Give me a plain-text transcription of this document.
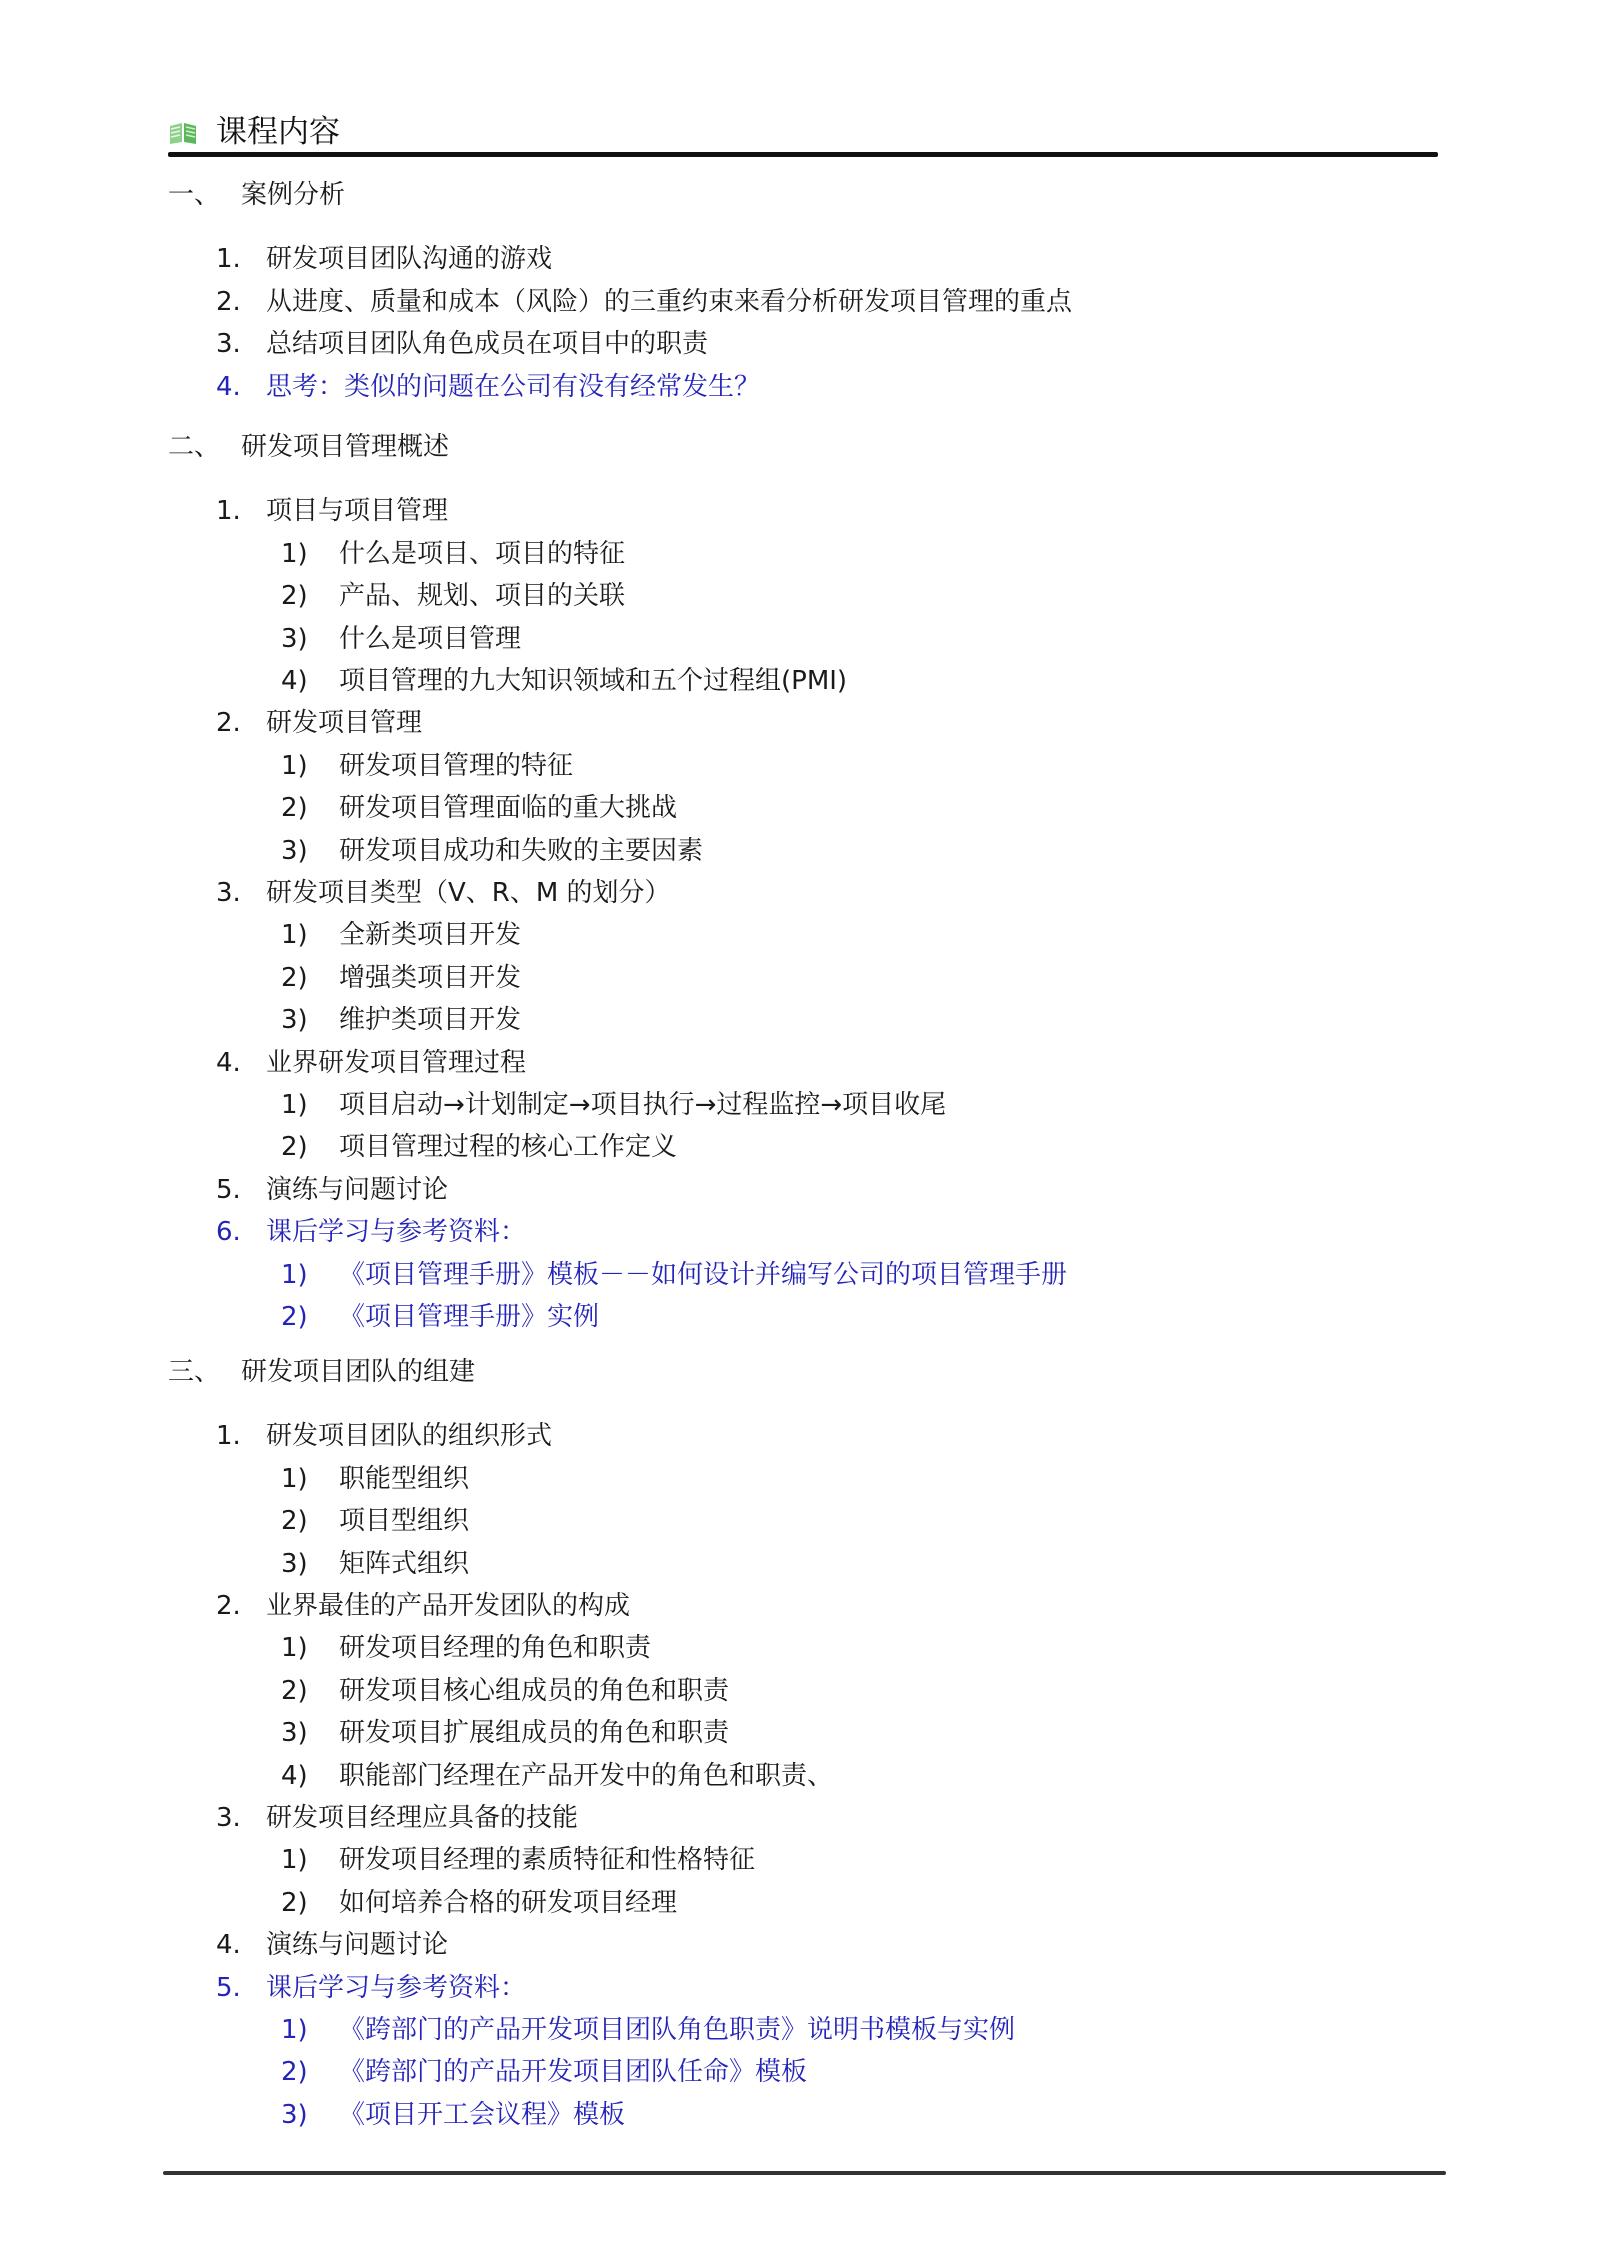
课程内容
一、 案例分析
1. 研发项目团队沟通的游戏
2. 从进度、质量和成本（风险）的三重约束来看分析研发项目管理的重点
3. 总结项目团队角色成员在项目中的职责
4. 思考：类似的问题在公司有没有经常发生？
二、 研发项目管理概述
1. 项目与项目管理
1) 什么是项目、项目的特征
2) 产品、规划、项目的关联
3) 什么是项目管理
4) 项目管理的九大知识领域和五个过程组(PMI)
2. 研发项目管理
1) 研发项目管理的特征
2) 研发项目管理面临的重大挑战
3) 研发项目成功和失败的主要因素
3. 研发项目类型（V、R、M 的划分）
1) 全新类项目开发
2) 增强类项目开发
3) 维护类项目开发
4. 业界研发项目管理过程
1) 项目启动→计划制定→项目执行→过程监控→项目收尾
2) 项目管理过程的核心工作定义
5. 演练与问题讨论
6. 课后学习与参考资料：
1) 《项目管理手册》模板－－如何设计并编写公司的项目管理手册
2) 《项目管理手册》实例
三、 研发项目团队的组建
1. 研发项目团队的组织形式
1) 职能型组织
2) 项目型组织
3) 矩阵式组织
2. 业界最佳的产品开发团队的构成
1) 研发项目经理的角色和职责
2) 研发项目核心组成员的角色和职责
3) 研发项目扩展组成员的角色和职责
4) 职能部门经理在产品开发中的角色和职责、
3. 研发项目经理应具备的技能
1) 研发项目经理的素质特征和性格特征
2) 如何培养合格的研发项目经理
4. 演练与问题讨论
5. 课后学习与参考资料：
1) 《跨部门的产品开发项目团队角色职责》说明书模板与实例
2) 《跨部门的产品开发项目团队任命》模板
3) 《项目开工会议程》模板
